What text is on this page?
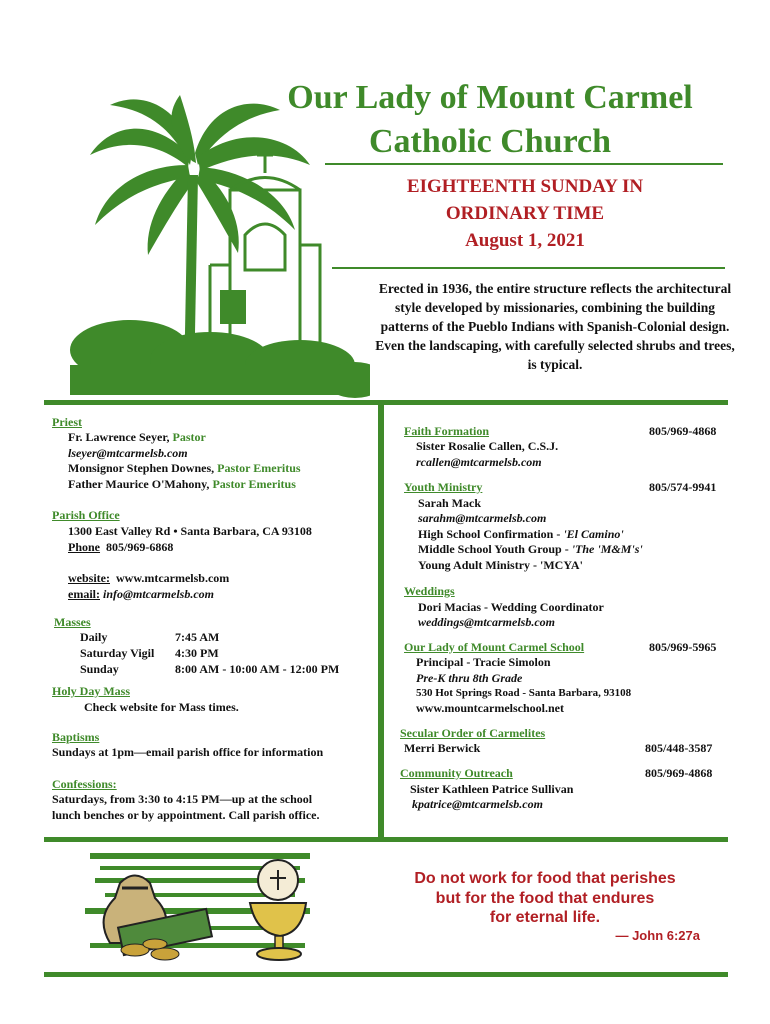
Our Lady of Mount Carmel
Catholic Church
EIGHTEENTH SUNDAY IN
ORDINARY TIME
August 1, 2021
Erected in 1936, the entire structure reflects the architectural style developed by missionaries, combining the building patterns of the Pueblo Indians with Spanish-Colonial design. Even the landscaping, with carefully selected shrubs and trees, is typical.
Priest
Fr. Lawrence Seyer, Pastor
lseyer@mtcarmelsb.com
Monsignor Stephen Downes, Pastor Emeritus
Father Maurice O'Mahony, Pastor Emeritus
Parish Office
1300 East Valley Rd • Santa Barbara, CA 93108
Phone 805/969-6868
website: www.mtcarmelsb.com
email: info@mtcarmelsb.com
Masses
Daily	7:45 AM
Saturday Vigil 4:30 PM
Sunday	8:00 AM - 10:00 AM - 12:00 PM
Holy Day Mass
Check website for Mass times.
Baptisms
Sundays at 1pm—email parish office for information
Confessions:
Saturdays, from 3:30 to 4:15 PM—up at the school
lunch benches or by appointment. Call parish office.
Faith Formation	805/969-4868
Sister Rosalie Callen, C.S.J.
rcallen@mtcarmelsb.com
Youth Ministry	805/574-9941
Sarah Mack
sarahm@mtcarmelsb.com
High School Confirmation - 'El Camino'
Middle School Youth Group - 'The 'M&M's'
Young Adult Ministry - 'MCYA'
Weddings
Dori Macias - Wedding Coordinator
weddings@mtcarmelsb.com
Our Lady of Mount Carmel School	805/969-5965
Principal - Tracie Simolon
Pre-K thru 8th Grade
530 Hot Springs Road - Santa Barbara, 93108
www.mountcarmelschool.net
Secular Order of Carmelites
Merri Berwick	805/448-3587
Community Outreach	805/969-4868
Sister Kathleen Patrice Sullivan
kpatrice@mtcarmelsb.com
Do not work for food that perishes
but for the food that endures
for eternal life.
— John 6:27a
